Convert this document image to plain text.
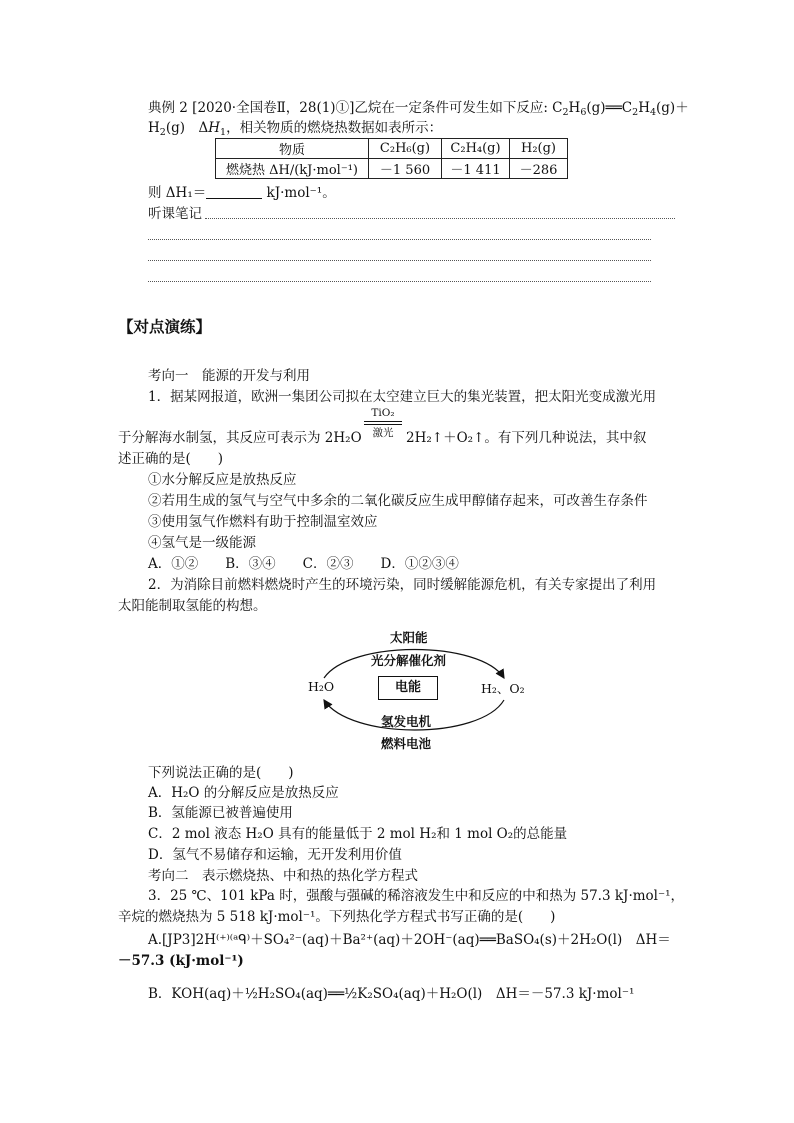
典例 2 [2020·全国卷Ⅱ，28(1)①]乙烷在一定条件可发生如下反应: $C_2H_6(g)══C_2H_4(g)+$
$H_2(g)$　$\Delta H_1$，相关物质的燃烧热数据如表所示：
物质	C₂H₆(g)	C₂H₄(g)	H₂(g)
燃烧热 ΔH/(kJ·mol⁻¹)	－1 560	－1 411	－286
则 ΔH₁＝	kJ·mol⁻¹。
听课笔记
【对点演练】
考向一　能源的开发与利用
1．据某网报道，欧洲一集团公司拟在太空建立巨大的集光装置，把太阳光变成激光用
于分解海水制氢，其反应可表示为 2H₂O
TiO₂
激光 2H₂↑＋O₂↑。有下列几种说法，其中叙
述正确的是(　　)
①水分解反应是放热反应
②若用生成的氢气与空气中多余的二氧化碳反应生成甲醇储存起来，可改善生存条件
③使用氢气作燃料有助于控制温室效应
④氢气是一级能源
A．①②　　B．③④　　C．②③　　D．①②③④
2．为消除目前燃料燃烧时产生的环境污染，同时缓解能源危机，有关专家提出了利用
太阳能制取氢能的构想。
太阳能
光分解催化剂
H₂O	电能	H₂、O₂
氢发电机
燃料电池
下列说法正确的是(　　)
A．H₂O 的分解反应是放热反应
B．氢能源已被普遍使用
C．2 mol 液态 H₂O 具有的能量低于 2 mol H₂和 1 mol O₂的总能量
D．氢气不易储存和运输，无开发利用价值
考向二　表示燃烧热、中和热的热化学方程式
3．25 ℃、101 kPa 时，强酸与强碱的稀溶液发生中和反应的中和热为 57.3 kJ·mol⁻¹，
辛烷的燃烧热为 5 518 kJ·mol⁻¹。下列热化学方程式书写正确的是(　　)
A.[JP3]2H⁽⁺⁾⁽ᵃᑫ⁾＋SO₄²⁻(aq)＋Ba²⁺(aq)＋2OH⁻(aq)══BaSO₄(s)＋2H₂O(l)　ΔH＝
－57.3 (kJ·mol⁻¹)
B．KOH(aq)＋½H₂SO₄(aq)══½K₂SO₄(aq)＋H₂O(l)　ΔH＝－57.3 kJ·mol⁻¹
